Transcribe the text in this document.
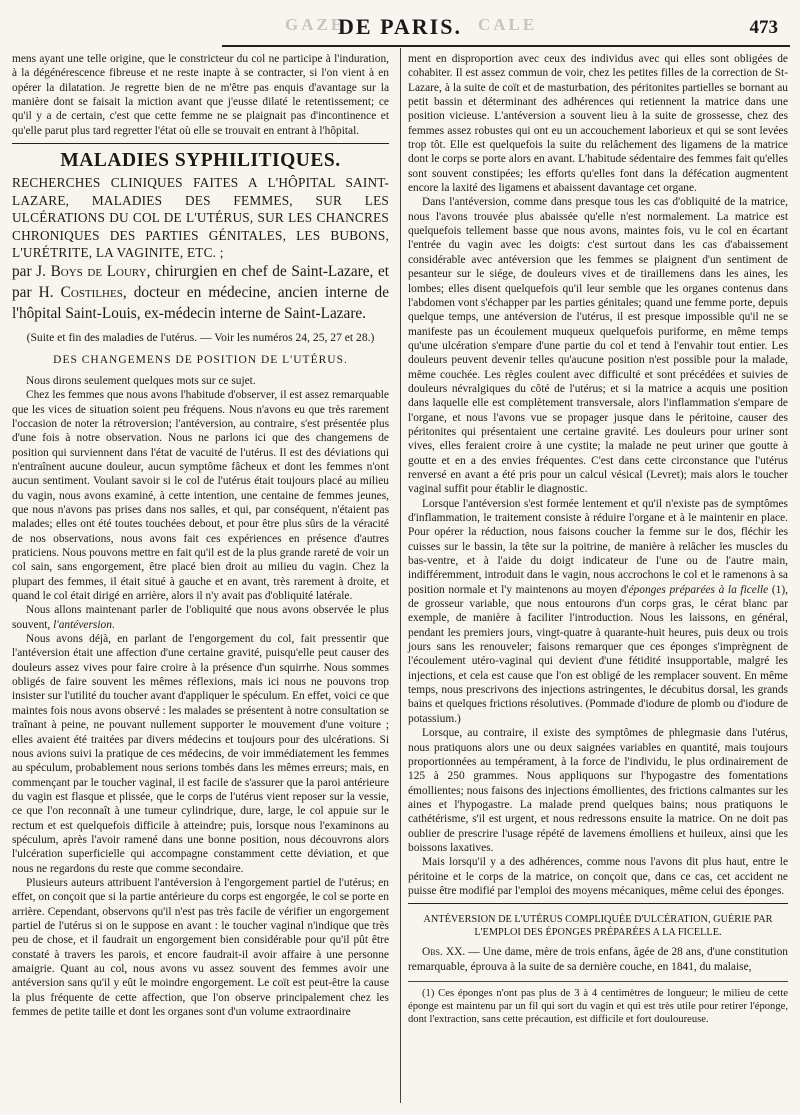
GAZE
DE PARIS. CALE	473

mens ayant une telle origine, que le constricteur du col ne participe à l'induration, à la dégénérescence fibreuse et ne reste inapte à se contracter, si l'on vient à en opérer la dilatation. Je regrette bien de ne m'être pas enquis d'avantage sur la manière dont se faisait la miction avant que j'eusse dilaté le retentissement; ce qu'il y a de certain, c'est que cette femme ne se plaignait pas d'incontinence et qu'elle parut plus tard regretter l'état où elle se trouvait en entrant à l'hôpital.

MALADIES SYPHILITIQUES.
RECHERCHES CLINIQUES FAITES A L'HÔPITAL SAINT-LAZARE, MALADIES DES FEMMES, SUR LES ULCÉRATIONS DU COL DE L'UTÉRUS, SUR LES CHANCRES CHRONIQUES DES PARTIES GÉNITALES, LES BUBONS, L'URÉTRITE, LA VAGINITE, ETC. ;
par J. Boys de Loury, chirurgien en chef de Saint-Lazare, et par H. Costilhes, docteur en médecine, ancien interne de l'hôpital Saint-Louis, ex-médecin interne de Saint-Lazare.
(Suite et fin des maladies de l'utérus. — Voir les numéros 24, 25, 27 et 28.)
DES CHANGEMENS DE POSITION DE L'UTÉRUS.

Nous dirons seulement quelques mots sur ce sujet.

Chez les femmes que nous avons l'habitude d'observer, il est assez remarquable que les vices de situation soient peu fréquens. Nous n'avons eu que très rarement l'occasion de noter la rétroversion; l'antéversion, au contraire, s'est présentée plus d'une fois à notre observation. Nous ne parlons ici que des changemens de position qui surviennent dans l'état de vacuité de l'utérus. Il est des déviations qui n'entraînent aucune douleur, aucun symptôme fâcheux et dont les femmes n'ont aucun sentiment. Voulant savoir si le col de l'utérus était toujours placé au milieu du vagin, nous avons examiné, à cette intention, une centaine de femmes jeunes, que nous n'avons pas prises dans nos salles, et qui, par conséquent, n'étaient pas malades; elles ont été toutes touchées debout, et pour être plus sûrs de la véracité de nos observations, nous avons fait ces expériences en présence d'autres praticiens. Nous pouvons mettre en fait qu'il est de la plus grande rareté de voir un col sain, sans engorgement, être placé bien droit au milieu du vagin. Chez la plupart des femmes, il était situé à gauche et en avant, très rarement à droite, et quand le col était dirigé en arrière, alors il n'y avait pas d'obliquité latérale.

Nous allons maintenant parler de l'obliquité que nous avons observée le plus souvent, l'antéversion.

Nous avons déjà, en parlant de l'engorgement du col, fait pressentir que l'antéversion était une affection d'une certaine gravité, puisqu'elle peut causer des douleurs assez vives pour faire croire à la présence d'un squirrhe. Nous sommes obligés de faire souvent les mêmes réflexions, mais ici nous ne pouvons trop insister sur l'utilité du toucher avant d'appliquer le spéculum. En effet, voici ce que maintes fois nous avons observé : les malades se présentent à notre consultation se traînant à peine, ne pouvant nullement supporter le mouvement d'une voiture ; elles avaient été traitées par divers médecins et toujours pour des ulcérations. Si nous avions suivi la pratique de ces médecins, de voir immédiatement les femmes au spéculum, probablement nous serions tombés dans les mêmes erreurs; mais, en commençant par le toucher vaginal, il est facile de s'assurer que la paroi antérieure du vagin est flasque et plissée, que le corps de l'utérus vient reposer sur la vessie, ce que l'on reconnaît à une tumeur cylindrique, dure, large, le col appuie sur le rectum et est quelquefois difficile à atteindre; puis, lorsque nous l'examinons au spéculum, après l'avoir ramené dans une bonne position, nous découvrons alors l'ulcération superficielle qui accompagne constamment cette déviation, et que nous ne regardons du reste que comme secondaire.

Plusieurs auteurs attribuent l'antéversion à l'engorgement partiel de l'utérus; en effet, on conçoit que si la partie antérieure du corps est engorgée, le col se porte en arrière. Cependant, observons qu'il n'est pas très facile de vérifier un engorgement partiel de l'utérus si on le suppose en avant : le toucher vaginal n'indique que très peu de chose, et il faudrait un engorgement bien considérable pour qu'il pût être constaté à travers les parois, et encore faudrait-il avoir affaire à une personne amaigrie. Quant au col, nous avons vu assez souvent des femmes avoir une antéversion sans qu'il y eût le moindre engorgement. Le coït est peut-être la cause la plus fréquente de cette affection, que l'on observe principalement chez les femmes de petite taille et dont les organes sont d'un volume extraordinaire

ment en disproportion avec ceux des individus avec qui elles sont obligées de cohabiter. Il est assez commun de voir, chez les petites filles de la correction de St-Lazare, à la suite de coït et de masturbation, des péritonites partielles se bornant au petit bassin et déterminant des adhérences qui retiennent la matrice dans une position vicieuse. L'antéversion a souvent lieu à la suite de grossesse, chez des femmes assez robustes qui ont eu un accouchement laborieux et qui se sont levées trop tôt. Elle est quelquefois la suite du relâchement des ligamens de la matrice dont le corps se porte alors en avant. L'habitude sédentaire des femmes fait qu'elles sont souvent constipées; les efforts qu'elles font dans la défécation augmentent encore la laxité des ligamens et abaissent davantage cet organe.

Dans l'antéversion, comme dans presque tous les cas d'obliquité de la matrice, nous l'avons trouvée plus abaissée qu'elle n'est normalement. La matrice est quelquefois tellement basse que nous avons, maintes fois, vu le col en écartant l'entrée du vagin avec les doigts: c'est surtout dans les cas d'abaissement considérable avec antéversion que les femmes se plaignent d'un sentiment de pesanteur sur le siége, de douleurs vives et de tiraillemens dans les aines, les lombes; elles disent quelquefois qu'il leur semble que les organes contenus dans l'abdomen vont s'échapper par les parties génitales; quand une femme porte, depuis quelque temps, une antéversion de l'utérus, il est presque impossible qu'il ne se manifeste pas un écoulement muqueux quelquefois puriforme, en même temps qu'une ulcération s'empare d'une partie du col et tend à l'envahir tout entier. Les douleurs peuvent devenir telles qu'aucune position n'est possible pour la malade, même couchée. Les règles coulent avec difficulté et sont précédées et suivies de douleurs névralgiques du côté de l'utérus; et si la matrice a acquis une position dans laquelle elle est complètement transversale, alors l'inflammation s'empare de l'organe, et nous l'avons vue se propager jusque dans le péritoine, causer des péritonites qui présentaient une certaine gravité. Les douleurs pour uriner sont vives, elles feraient croire à une cystite; la malade ne peut uriner que goutte à goutte et en a des envies fréquentes. C'est dans cette circonstance que l'utérus renversé en avant a été pris pour un calcul vésical (Levret); mais alors le toucher vaginal suffit pour établir le diagnostic.

Lorsque l'antéversion s'est formée lentement et qu'il n'existe pas de symptômes d'inflammation, le traitement consiste à réduire l'organe et à le maintenir en place. Pour opérer la réduction, nous faisons coucher la femme sur le dos, fléchir les cuisses sur le bassin, la tête sur la poitrine, de manière à relâcher les muscles du bas-ventre, et à l'aide du doigt indicateur de l'une ou de l'autre main, indifféremment, introduit dans le vagin, nous accrochons le col et le ramenons à sa position normale et l'y maintenons au moyen d'éponges préparées à la ficelle (1), de grosseur variable, que nous entourons d'un corps gras, le cérat blanc par exemple, de manière à faciliter l'introduction. Nous les laissons, en général, pendant les premiers jours, vingt-quatre à quarante-huit heures, puis deux ou trois jours sans les renouveler; faisons remarquer que ces éponges s'imprègnent de l'écoulement utéro-vaginal qui devient d'une fétidité insupportable, malgré les injections, et cela est cause que l'on est obligé de les remplacer souvent. En même temps, nous prescrivons des injections astringentes, le décubitus dorsal, les grands bains et quelques frictions résolutives. (Pommade d'iodure de plomb ou d'iodure de potassium.)

Lorsque, au contraire, il existe des symptômes de phlegmasie dans l'utérus, nous pratiquons alors une ou deux saignées variables en quantité, mais toujours proportionnées au tempérament, à la force de l'individu, le plus ordinairement de 125 à 250 grammes. Nous appliquons sur l'hypogastre des fomentations émollientes; nous faisons des injections émollientes, des frictions calmantes sur les aines et l'hypogastre. La malade prend quelques bains; nous pratiquons le cathétérisme, s'il est urgent, et nous redressons ensuite la matrice. On ne doit pas oublier de prescrire l'usage répété de lavemens émolliens et huileux, ainsi que les boissons laxatives.

Mais lorsqu'il y a des adhérences, comme nous l'avons dit plus haut, entre le péritoine et le corps de la matrice, on conçoit que, dans ce cas, cet accident ne puisse être modifié par l'emploi des moyens mécaniques, même celui des éponges.

ANTÉVERSION DE L'UTÉRUS COMPLIQUÉE D'ULCÉRATION, GUÉRIE PAR L'EMPLOI DES ÉPONGES PRÉPARÉES A LA FICELLE.

Obs. XX. — Une dame, mère de trois enfans, âgée de 28 ans, d'une constitution remarquable, éprouva à la suite de sa dernière couche, en 1841, du malaise,

(1) Ces éponges n'ont pas plus de 3 à 4 centimètres de longueur; le milieu de cette éponge est maintenu par un fil qui sort du vagin et qui est très utile pour retirer l'éponge, dont l'extraction, sans cette précaution, est difficile et fort douloureuse.
